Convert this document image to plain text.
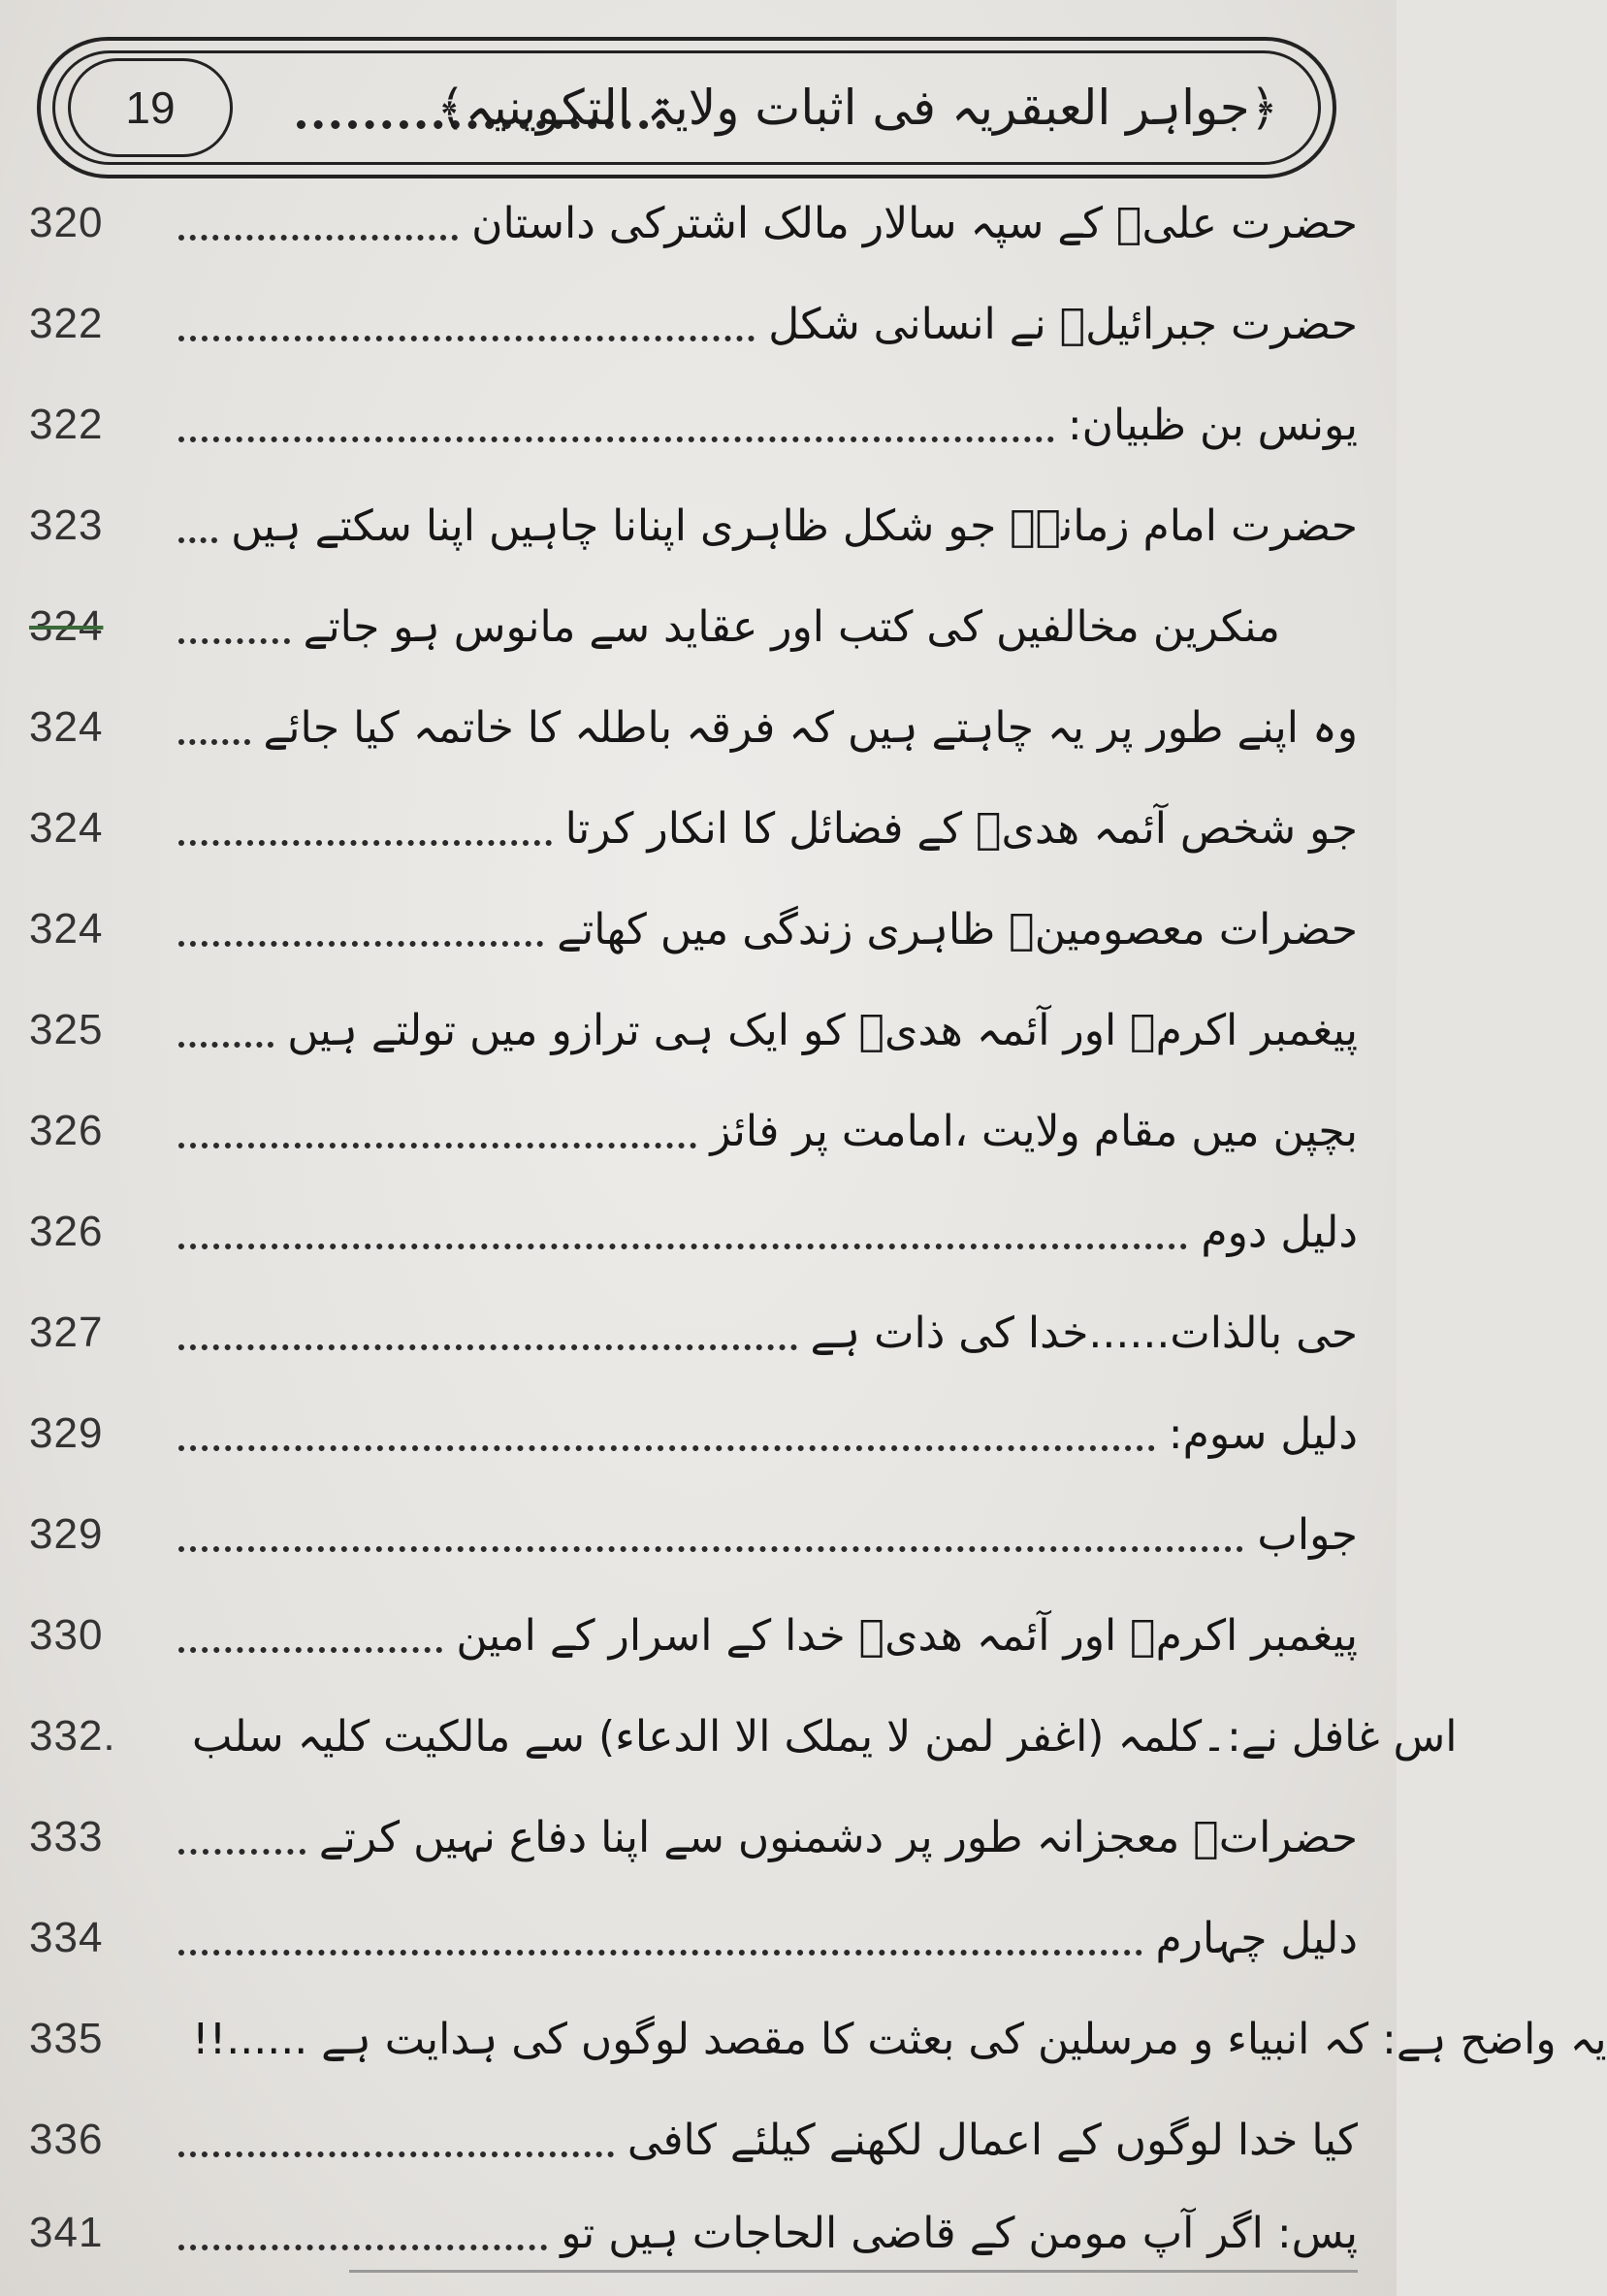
19	﴿جواہر العبقریہ فی اثبات ولایۃ التکوینیہ﴾
320	حضرت علیؑ کے سپہ سالار مالک اشترکی داستان
322	حضرت جبرائیلؑ نے انسانی شکل
322	یونس بن ظبیان:
323	حضرت امام زمانہؑ جو شکل ظاہری اپنانا چاہیں اپنا سکتے ہیں
324	منکرین مخالفیں کی کتب اور عقاید سے مانوس ہو جاتے
324	وہ اپنے طور پر یہ چاہتے ہیں کہ فرقہ باطلہ کا خاتمہ کیا جائے
324	جو شخص آئمہ ھدیؑ کے فضائل کا انکار کرتا
324	حضرات معصومینؑ ظاہری زندگی میں کھاتے
325	پیغمبر اکرمؐ اور آئمہ ھدیؑ کو ایک ہی ترازو میں تولتے ہیں
326	بچپن میں مقام ولایت ،امامت پر فائز
326	دلیل دوم
327	حی بالذات......خدا کی ذات ہے
329	دلیل سوم:
329	جواب
330	پیغمبر اکرمؐ اور آئمہ ھدیؑ خدا کے اسرار کے امین
332.	اس غافل نے:۔کلمہ (اغفر لمن لا یملک الا الدعاء) سے مالکیت کلیہ سلب
333	حضراتؑ معجزانہ طور پر دشمنوں سے اپنا دفاع نہیں کرتے
334	دلیل چہارم
335	یہ واضح ہے: کہ انبیاء و مرسلین کی بعثت کا مقصد لوگوں کی ہدایت ہے ......!!
336	کیا خدا لوگوں کے اعمال لکھنے کیلئے کافی
341	پس: اگر آپ مومن کے قاضی الحاجات ہیں تو
